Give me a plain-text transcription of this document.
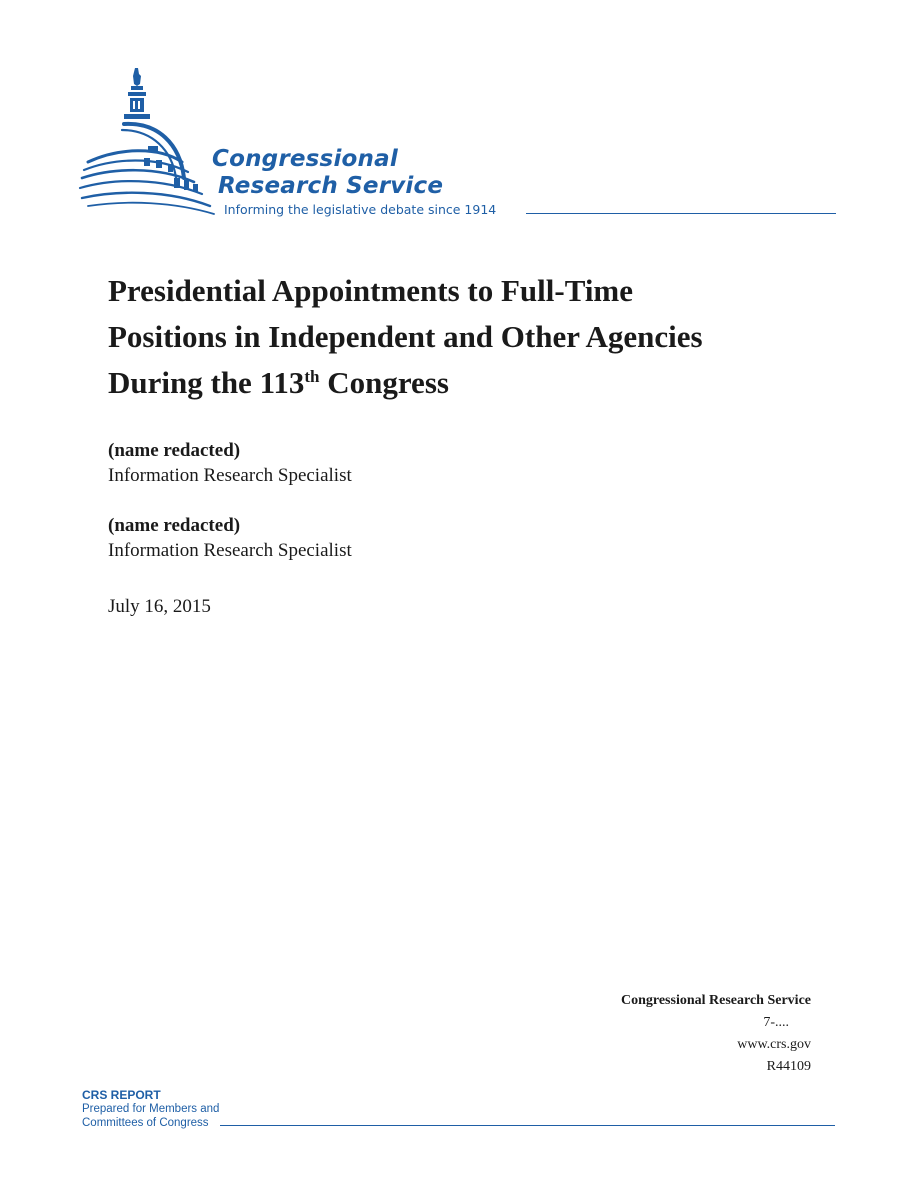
Congressional
Research Service
Informing the legislative debate since 1914
Presidential Appointments to Full-Time
Positions in Independent and Other Agencies
During the 113th Congress
(name redacted)
Information Research Specialist
(name redacted)
Information Research Specialist
July 16, 2015
Congressional Research Service
7-....
www.crs.gov
R44109
CRS REPORT
Prepared for Members and
Committees of Congress
